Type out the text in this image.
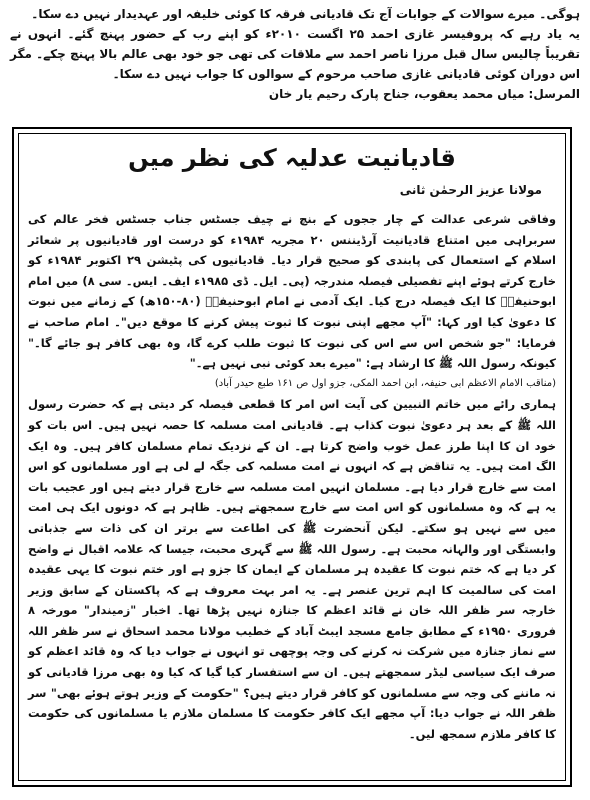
ہوگی۔ میرے سوالات کے جوابات آج تک قادیانی فرقہ کا کوئی خلیفہ اور عہدیدار نہیں دے سکا۔

یہ یاد رہے کہ پروفیسر غازی احمد ۲۵ اگست ۲۰۱۰ء کو اپنے رب کے حضور پہنچ گئے۔ انہوں نے تقریباً چالیس سال قبل مرزا ناصر احمد سے ملاقات کی تھی جو خود بھی عالم بالا پہنچ چکے۔ مگر اس دوران کوئی قادیانی غازی صاحب مرحوم کے سوالوں کا جواب نہیں دے سکا۔

المرسل: میاں محمد یعقوب، جناح پارک رحیم یار خان
قادیانیت عدلیہ کی نظر میں
مولانا عزیز الرحمٰن ثانی

وفاقی شرعی عدالت کے چار ججوں کے بنچ نے چیف جسٹس جناب جسٹس فخر عالم کی سربراہی میں امتناع قادیانیت آرڈیننس ۲۰ مجریہ ۱۹۸۴ء کو درست اور قادیانیوں پر شعائر اسلام کے استعمال کی پابندی کو صحیح قرار دیا۔ قادیانیوں کی پٹیشن ۲۹ اکتوبر ۱۹۸۴ء کو خارج کرتے ہوئے اپنے تفصیلی فیصلہ مندرجہ (پی۔ ایل۔ ڈی ۱۹۸۵ء ایف۔ ایس۔ سی ۸) میں امام ابوحنیفہؒ کا ایک فیصلہ درج کیا۔ ایک آدمی نے امام ابوحنیفہؒ (۸۰-۱۵۰ھ) کے زمانے میں نبوت کا دعویٰ کیا اور کہا: "آپ مجھے اپنی نبوت کا ثبوت پیش کرنے کا موقع دیں"۔ امام صاحب نے فرمایا: "جو شخص اس سے اس کی نبوت کا ثبوت طلب کرے گا، وہ بھی کافر ہو جائے گا۔" کیونکہ رسول اللہ ﷺ کا ارشاد ہے: "میرے بعد کوئی نبی نہیں ہے۔"

(مناقب الامام الاعظم ابی حنیفہ، ابن احمد المکی، جزو اول ص ۱۶۱ طبع حیدر آباد)

ہماری رائے میں خاتم النبیین کی آیت اس امر کا قطعی فیصلہ کر دیتی ہے کہ حضرت رسول اللہ ﷺ کے بعد ہر دعویٰ نبوت کذاب ہے۔ قادیانی امت مسلمہ کا حصہ نہیں ہیں۔ اس بات کو خود ان کا اپنا طرز عمل خوب واضح کرتا ہے۔ ان کے نزدیک تمام مسلمان کافر ہیں۔ وہ ایک الگ امت ہیں۔ یہ تناقض ہے کہ انہوں نے امت مسلمہ کی جگہ لے لی ہے اور مسلمانوں کو اس امت سے خارج قرار دیا ہے۔ مسلمان انہیں امت مسلمہ سے خارج قرار دیتے ہیں اور عجیب بات یہ ہے کہ وہ مسلمانوں کو اس امت سے خارج سمجھتے ہیں۔ ظاہر ہے کہ دونوں ایک ہی امت میں سے نہیں ہو سکتے۔ لیکن آنحضرت ﷺ کی اطاعت سے برتر ان کی ذات سے جذباتی وابستگی اور والہانہ محبت ہے۔ رسول اللہ ﷺ سے گہری محبت، جیسا کہ علامہ اقبال نے واضح کر دیا ہے کہ ختم نبوت کا عقیدہ ہر مسلمان کے ایمان کا جزو ہے اور ختم نبوت کا یہی عقیدہ امت کی سالمیت کا اہم ترین عنصر ہے۔ یہ امر بہت معروف ہے کہ پاکستان کے سابق وزیر خارجہ سر ظفر اللہ خان نے قائد اعظم کا جنازہ نہیں پڑھا تھا۔ اخبار "زمیندار" مورخہ ۸ فروری ۱۹۵۰ء کے مطابق جامع مسجد ایبٹ آباد کے خطیب مولانا محمد اسحاق نے سر ظفر اللہ سے نماز جنازہ میں شرکت نہ کرنے کی وجہ پوچھی تو انہوں نے جواب دیا کہ وہ قائد اعظم کو صرف ایک سیاسی لیڈر سمجھتے ہیں۔ ان سے استفسار کیا گیا کہ کیا وہ بھی مرزا قادیانی کو نہ ماننے کی وجہ سے مسلمانوں کو کافر قرار دیتے ہیں؟ "حکومت کے وزیر ہوتے ہوئے بھی" سر ظفر اللہ نے جواب دیا: آپ مجھے ایک کافر حکومت کا مسلمان ملازم یا مسلمانوں کی حکومت کا کافر ملازم سمجھ لیں۔
